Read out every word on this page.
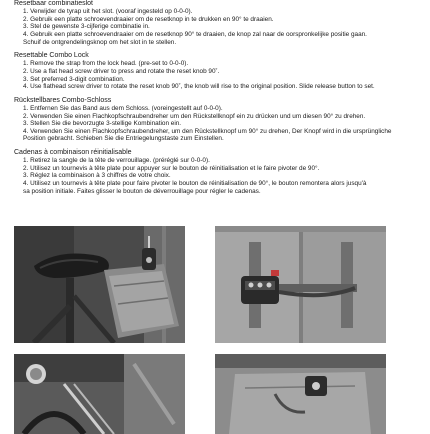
Resetbaar combinatieslot

1. Verwijder de tyrap uit het slot. (vooraf ingesteld op 0-0-0).
2. Gebruik een platte schroevendraaier om de resetknop in te drukken en 90° te draaien.
3. Stel de gewenste 3-cijferige combinatie in.
4. Gebruik een platte schroevendraaier om de resetknop 90° te draaien, de knop zal naar de oorspronkelijke positie gaan.
Schuif de ontgrendelingsknop om het slot in te stellen.

Resettable Combo Lock

1. Remove the strap from the lock head. (pre-set to 0-0-0).
2. Use a flat head screw driver to press and rotate the reset knob 90˚.
3. Set preferred 3-digit combination.
4. Use flathead screw driver to rotate the reset knob 90˚, the knob will rise to the original position. Slide release button to set.

Rückstellbares Combo-Schloss

1. Entfernen Sie das Band aus dem Schloss. (voreingestellt auf 0-0-0).
2. Verwenden Sie einen Flachkopfschraubendreher um den Rückstellknopf ein zu drücken und um diesen 90° zu drehen.
3. Stellen Sie die bevorzugte 3-stellige Kombination ein.
4. Verwenden Sie einen Flachkopfschraubendreher, um den Rückstellknopf um 90° zu drehen, Der Knopf wird in die ursprüngliche
Position gebracht. Schieben Sie die Entriegelungstaste zum Einstellen.

Cadenas à combinaison réinitialisable

1. Retirez la sangle de la tête de verrouillage. (préréglé sur 0-0-0).
2. Utilisez un tournevis à tête plate pour appuyer sur le bouton de réinitialisation et le faire pivoter de 90°.
3. Réglez la combinaison à 3 chiffres de votre choix.
4. Utilisez un tournevis à tête plate pour faire pivoter le bouton de réinitialisation de 90°, le bouton remontera alors jusqu'à
sa position initiale. Faites glisser le bouton de déverrouillage pour régler le cadenas.
